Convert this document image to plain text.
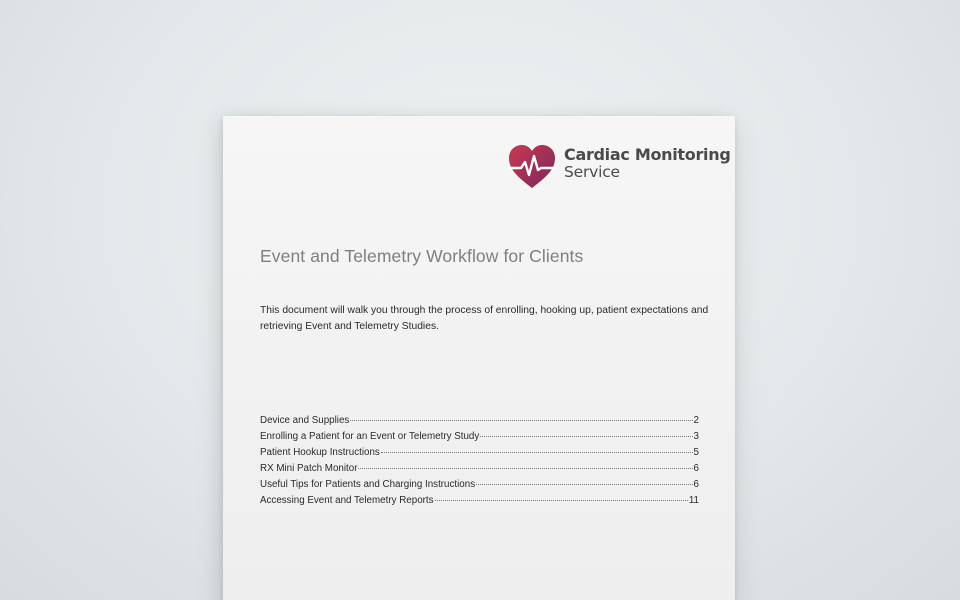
Cardiac Monitoring
Service
Event and Telemetry Workflow for Clients
This document will walk you through the process of enrolling, hooking up, patient expectations and retrieving Event and Telemetry Studies.
Device and Supplies	2
Enrolling a Patient for an Event or Telemetry Study	3
Patient Hookup Instructions	5
RX Mini Patch Monitor	6
Useful Tips for Patients and Charging Instructions	6
Accessing Event and Telemetry Reports	11
